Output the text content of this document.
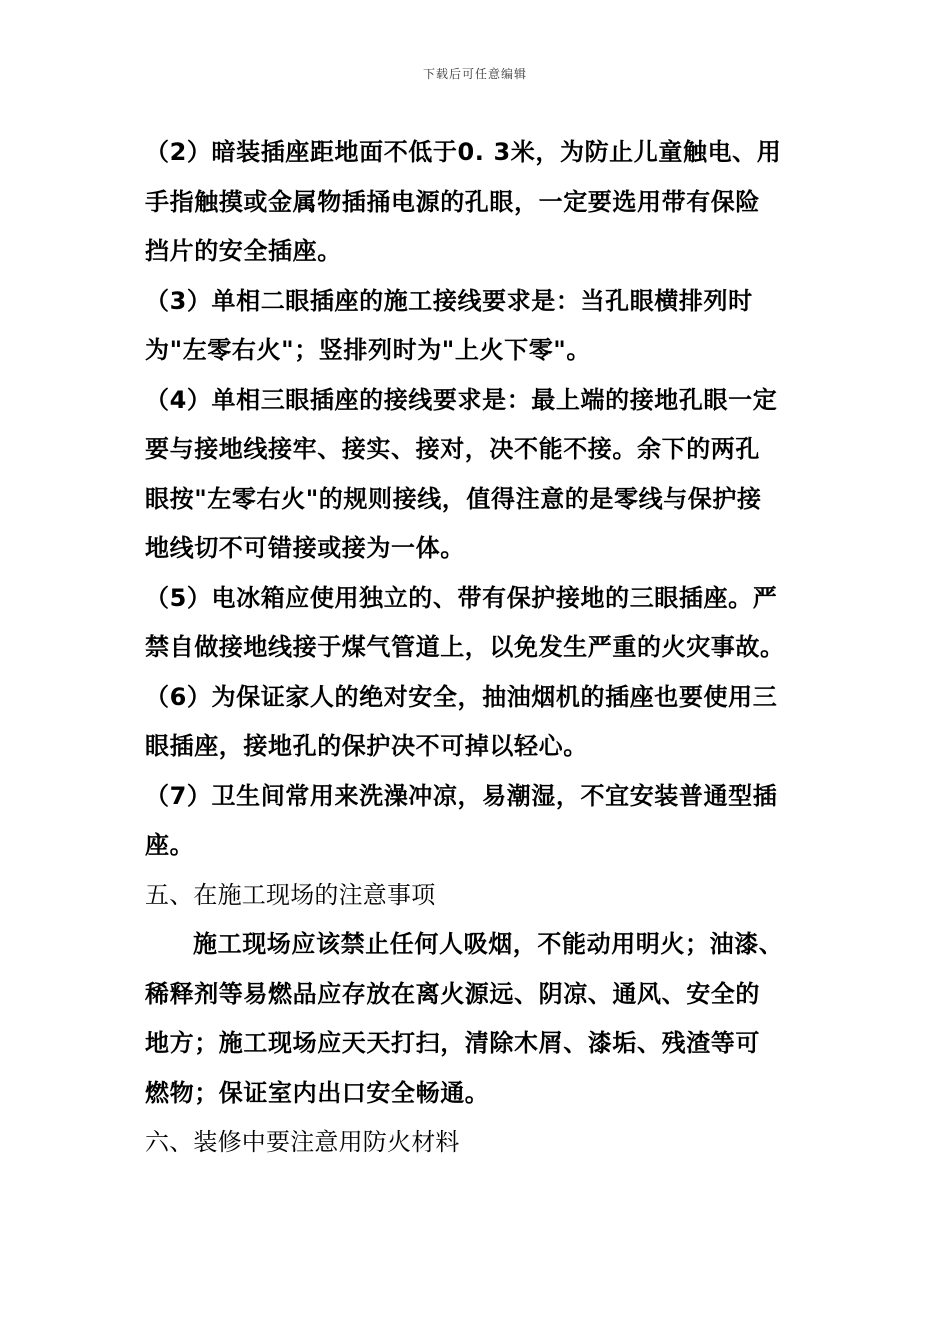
下载后可任意编辑
（2）暗装插座距地面不低于0. 3米，为防止儿童触电、用
手指触摸或金属物插捅电源的孔眼，一定要选用带有保险
挡片的安全插座。
（3）单相二眼插座的施工接线要求是：当孔眼横排列时
为"左零右火"；竖排列时为"上火下零"。
（4）单相三眼插座的接线要求是：最上端的接地孔眼一定
要与接地线接牢、接实、接对，决不能不接。余下的两孔
眼按"左零右火"的规则接线，值得注意的是零线与保护接
地线切不可错接或接为一体。
（5）电冰箱应使用独立的、带有保护接地的三眼插座。严
禁自做接地线接于煤气管道上，以免发生严重的火灾事故。
（6）为保证家人的绝对安全，抽油烟机的插座也要使用三
眼插座，接地孔的保护决不可掉以轻心。
（7）卫生间常用来洗澡冲凉，易潮湿，不宜安装普通型插
座。
五、在施工现场的注意事项
施工现场应该禁止任何人吸烟，不能动用明火；油漆、
稀释剂等易燃品应存放在离火源远、阴凉、通风、安全的
地方；施工现场应天天打扫，清除木屑、漆垢、残渣等可
燃物；保证室内出口安全畅通。
六、装修中要注意用防火材料
